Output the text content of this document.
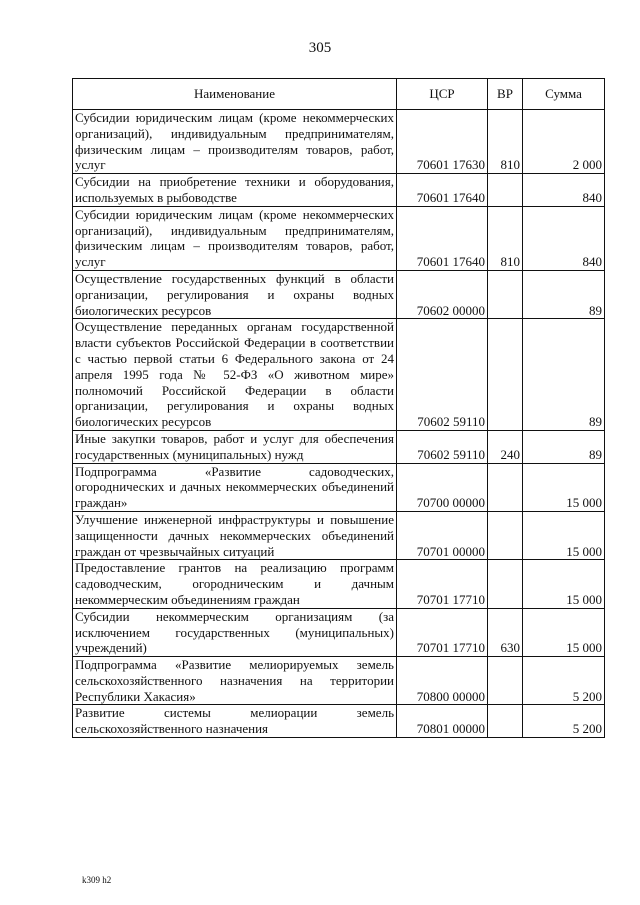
305
Наименование	ЦСР	ВР	Сумма
Субсидии юридическим лицам (кроме некоммерческих организаций), индивидуальным предпринимателям, физическим лицам – производителям товаров, работ, услуг	70601 17630	810	2 000
Субсидии на приобретение техники и оборудования, используемых в рыбоводстве	70601 17640		840
Субсидии юридическим лицам (кроме некоммерческих организаций), индивидуальным предпринимателям, физическим лицам – производителям товаров, работ, услуг	70601 17640	810	840
Осуществление государственных функций в области организации, регулирования и охраны водных биологических ресурсов	70602 00000		89
Осуществление переданных органам государственной власти субъектов Российской Федерации в соответствии с частью первой статьи 6 Федерального закона от 24 апреля 1995 года № 52-ФЗ «О животном мире» полномочий Российской Федерации в области организации, регулирования и охраны водных биологических ресурсов	70602 59110		89
Иные закупки товаров, работ и услуг для обеспечения государственных (муниципальных) нужд	70602 59110	240	89
Подпрограмма «Развитие садоводческих, огороднических и дачных некоммерческих объединений граждан»	70700 00000		15 000
Улучшение инженерной инфраструктуры и повышение защищенности дачных некоммерческих объединений граждан от чрезвычайных ситуаций	70701 00000		15 000
Предоставление грантов на реализацию программ садоводческим, огородническим и дачным некоммерческим объединениям граждан	70701 17710		15 000
Субсидии некоммерческим организациям (за исключением государственных (муниципальных) учреждений)	70701 17710	630	15 000
Подпрограмма «Развитие мелиорируемых земель сельскохозяйственного назначения на территории Республики Хакасия»	70800 00000		5 200
Развитие системы мелиорации земель сельскохозяйственного назначения	70801 00000		5 200
k309 h2
